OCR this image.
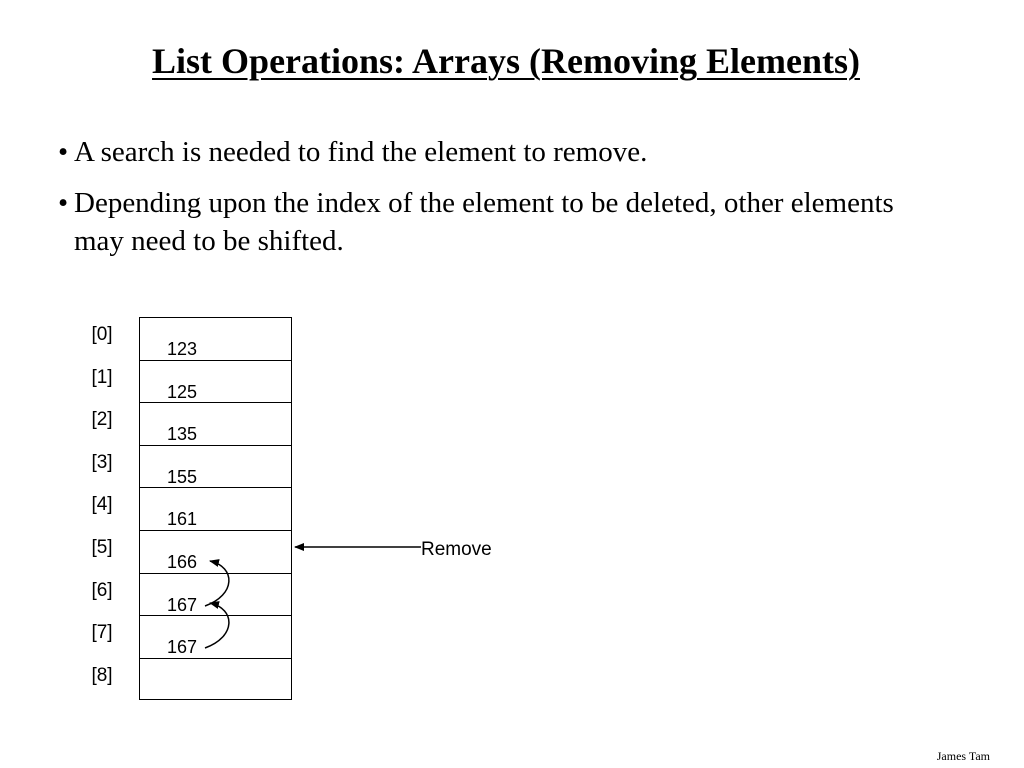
List Operations: Arrays (Removing Elements)
• A search is needed to find the element to remove.
• Depending upon the index of the element to be deleted, other elements may need to be shifted.
[0]
123
[1]
125
[2]
135
[3]
155
[4]
161
[5]
166
[6]
167
[7]
167
[8]
Remove
James Tam
